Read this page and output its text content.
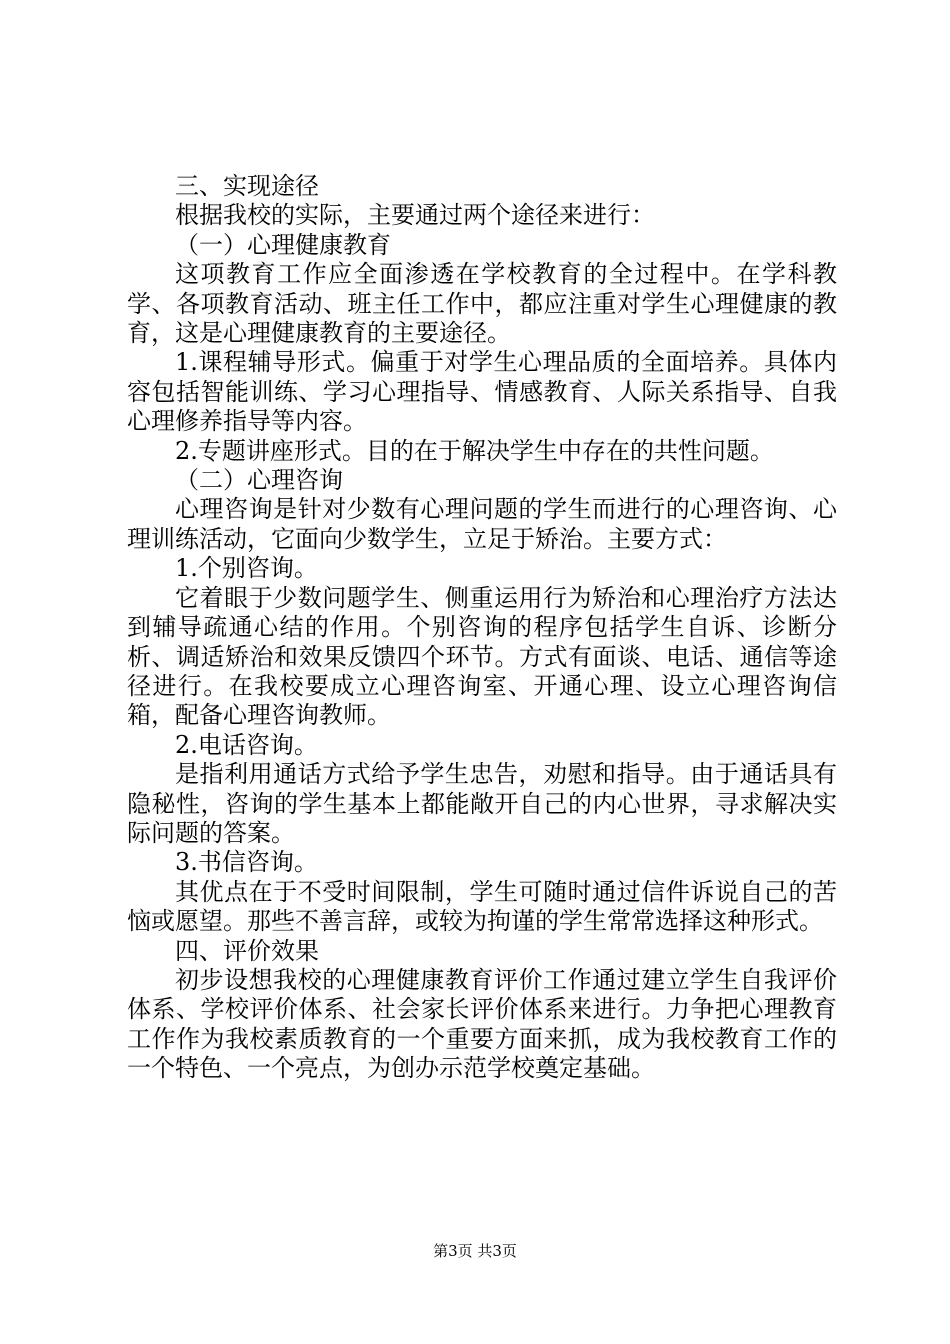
三、实现途径

根据我校的实际，主要通过两个途径来进行：

（一）心理健康教育

这项教育工作应全面渗透在学校教育的全过程中。在学科教学、各项教育活动、班主任工作中，都应注重对学生心理健康的教育，这是心理健康教育的主要途径。

1.课程辅导形式。偏重于对学生心理品质的全面培养。具体内容包括智能训练、学习心理指导、情感教育、人际关系指导、自我心理修养指导等内容。

2.专题讲座形式。目的在于解决学生中存在的共性问题。

（二）心理咨询

心理咨询是针对少数有心理问题的学生而进行的心理咨询、心理训练活动，它面向少数学生，立足于矫治。主要方式：

1.个别咨询。

它着眼于少数问题学生、侧重运用行为矫治和心理治疗方法达到辅导疏通心结的作用。个别咨询的程序包括学生自诉、诊断分析、调适矫治和效果反馈四个环节。方式有面谈、电话、通信等途径进行。在我校要成立心理咨询室、开通心理、设立心理咨询信箱，配备心理咨询教师。

2.电话咨询。

是指利用通话方式给予学生忠告，劝慰和指导。由于通话具有隐秘性，咨询的学生基本上都能敞开自己的内心世界，寻求解决实际问题的答案。

3.书信咨询。

其优点在于不受时间限制，学生可随时通过信件诉说自己的苦恼或愿望。那些不善言辞，或较为拘谨的学生常常选择这种形式。

四、评价效果

初步设想我校的心理健康教育评价工作通过建立学生自我评价体系、学校评价体系、社会家长评价体系来进行。力争把心理教育工作作为我校素质教育的一个重要方面来抓，成为我校教育工作的一个特色、一个亮点，为创办示范学校奠定基础。

第3页 共3页
